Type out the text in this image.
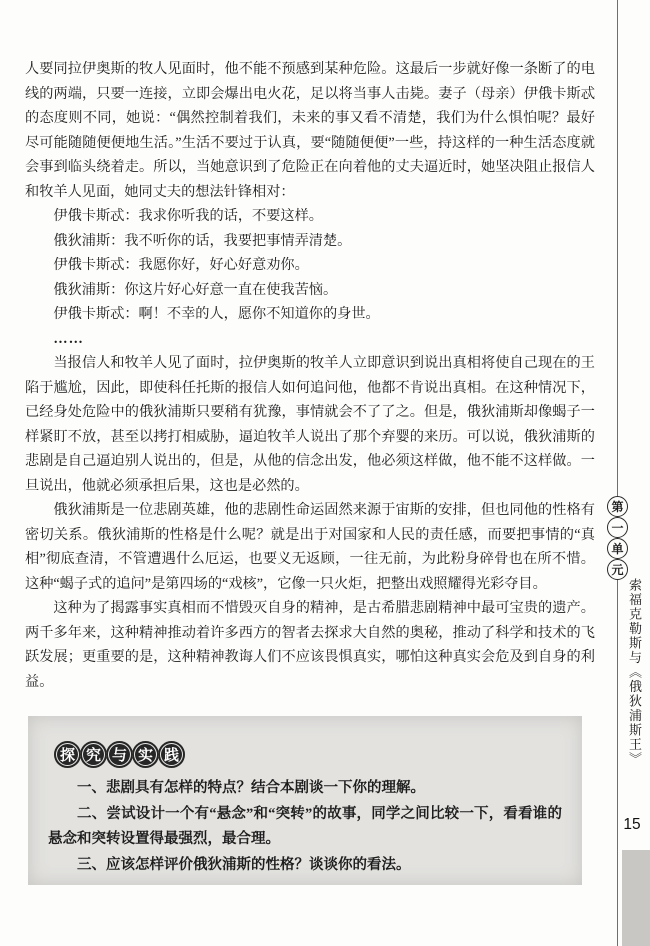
人要同拉伊奥斯的牧人见面时，他不能不预感到某种危险。这最后一步就好像一条断了的电线的两端，只要一连接，立即会爆出电火花，足以将当事人击毙。妻子（母亲）伊俄卡斯忒的态度则不同，她说：“偶然控制着我们，未来的事又看不清楚，我们为什么惧怕呢？最好尽可能随随便便地生活。”生活不要过于认真，要“随随便便”一些，持这样的一种生活态度就会事到临头绕着走。所以，当她意识到了危险正在向着他的丈夫逼近时，她坚决阻止报信人和牧羊人见面，她同丈夫的想法针锋相对：

伊俄卡斯忒：我求你听我的话，不要这样。

俄狄浦斯：我不听你的话，我要把事情弄清楚。

伊俄卡斯忒：我愿你好，好心好意劝你。

俄狄浦斯：你这片好心好意一直在使我苦恼。

伊俄卡斯忒：啊！不幸的人，愿你不知道你的身世。

……

当报信人和牧羊人见了面时，拉伊奥斯的牧羊人立即意识到说出真相将使自己现在的王陷于尴尬，因此，即使科任托斯的报信人如何追问他，他都不肯说出真相。在这种情况下，已经身处危险中的俄狄浦斯只要稍有犹豫，事情就会不了了之。但是，俄狄浦斯却像蝎子一样紧盯不放，甚至以拷打相威胁，逼迫牧羊人说出了那个弃婴的来历。可以说，俄狄浦斯的悲剧是自己逼迫别人说出的，但是，从他的信念出发，他必须这样做，他不能不这样做。一旦说出，他就必须承担后果，这也是必然的。

俄狄浦斯是一位悲剧英雄，他的悲剧性命运固然来源于宙斯的安排，但也同他的性格有密切关系。俄狄浦斯的性格是什么呢？就是出于对国家和人民的责任感，而要把事情的“真相”彻底查清，不管遭遇什么厄运，也要义无返顾，一往无前，为此粉身碎骨也在所不惜。这种“蝎子式的追问”是第四场的“戏核”，它像一只火炬，把整出戏照耀得光彩夺目。

这种为了揭露事实真相而不惜毁灭自身的精神，是古希腊悲剧精神中最可宝贵的遗产。两千多年来，这种精神推动着许多西方的智者去探求大自然的奥秘，推动了科学和技术的飞跃发展；更重要的是，这种精神教诲人们不应该畏惧真实，哪怕这种真实会危及到自身的利益。

探 究 与 实 践

一、悲剧具有怎样的特点？结合本剧谈一下你的理解。

二、尝试设计一个有“悬念”和“突转”的故事，同学之间比较一下，看看谁的悬念和突转设置得最强烈，最合理。

三、应该怎样评价俄狄浦斯的性格？谈谈你的看法。

第
一
单
元
索福克勒斯与《俄狄浦斯王》
15
